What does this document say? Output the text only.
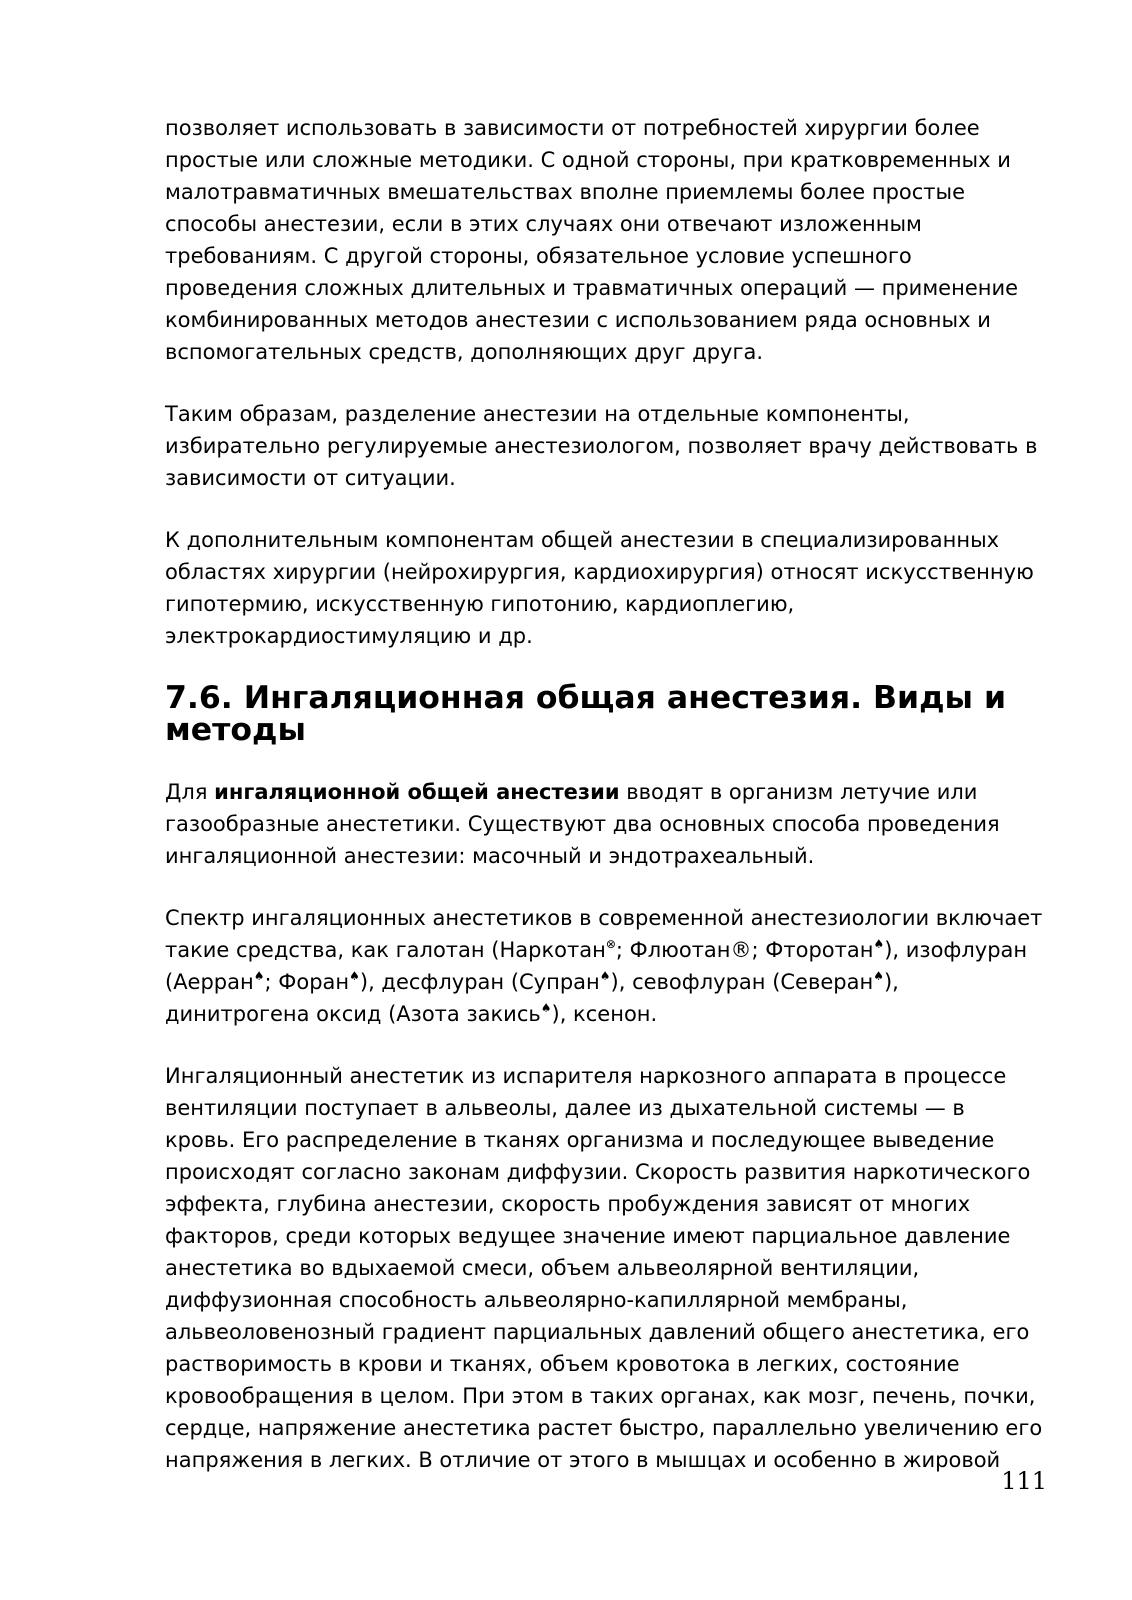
позволяет использовать в зависимости от потребностей хирургии более
простые или сложные методики. С одной стороны, при кратковременных и
малотравматичных вмешательствах вполне приемлемы более простые
способы анестезии, если в этих случаях они отвечают изложенным
требованиям. С другой стороны, обязательное условие успешного
проведения сложных длительных и травматичных операций — применение
комбинированных методов анестезии с использованием ряда основных и
вспомогательных средств, дополняющих друг друга.

Таким образам, разделение анестезии на отдельные компоненты,
избирательно регулируемые анестезиологом, позволяет врачу действовать в
зависимости от ситуации.

К дополнительным компонентам общей анестезии в специализированных
областях хирургии (нейрохирургия, кардиохирургия) относят искусственную
гипотермию, искусственную гипотонию, кардиоплегию,
электрокардиостимуляцию и др.

7.6. Ингаляционная общая анестезия. Виды и методы

Для ингаляционной общей анестезии вводят в организм летучие или
газообразные анестетики. Существуют два основных способа проведения
ингаляционной анестезии: масочный и эндотрахеальный.

Спектр ингаляционных анестетиков в современной анестезиологии включает
такие средства, как галотан (Наркотан⊗; Флюотан®; Фторотан♠), изофлуран
(Аерран♠; Форан♠), десфлуран (Супран♠), севофлуран (Северан♠),
динитрогена оксид (Азота закись♠), ксенон.

Ингаляционный анестетик из испарителя наркозного аппарата в процессе
вентиляции поступает в альвеолы, далее из дыхательной системы — в
кровь. Его распределение в тканях организма и последующее выведение
происходят согласно законам диффузии. Скорость развития наркотического
эффекта, глубина анестезии, скорость пробуждения зависят от многих
факторов, среди которых ведущее значение имеют парциальное давление
анестетика во вдыхаемой смеси, объем альвеолярной вентиляции,
диффузионная способность альвеолярно-капиллярной мембраны,
альвеоловенозный градиент парциальных давлений общего анестетика, его
растворимость в крови и тканях, объем кровотока в легких, состояние
кровообращения в целом. При этом в таких органах, как мозг, печень, почки,
сердце, напряжение анестетика растет быстро, параллельно увеличению его
напряжения в легких. В отличие от этого в мышцах и особенно в жировой

111
